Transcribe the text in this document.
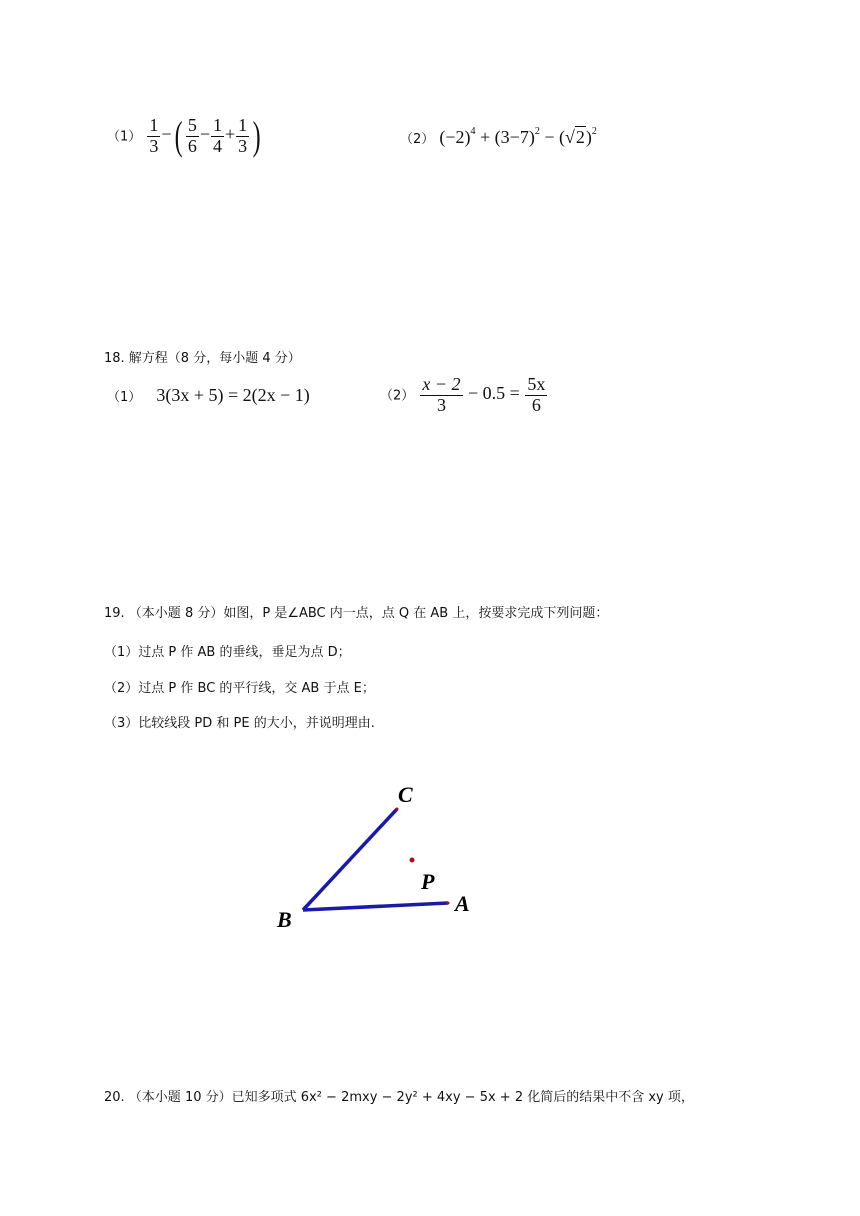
$(1) \frac{1}{3}$ −( $\frac{5}{6} - \frac{1}{4} + \frac{1}{3}$ )	（2） $(-2)^4 + (3-7)^2 - (√2)^2$
18. 解方程（8 分，每小题 4 分）
（1） 3(3x + 5) = 2(2x − 1)	$(2) \frac{x - 2}{3} - 0.5 = \frac{5x}{6}$
19. （本小题 8 分）如图，P 是∠ABC 内一点，点 Q 在 AB 上，按要求完成下列问题：
（1）过点 P 作 AB 的垂线，垂足为点 D；
（2）过点 P 作 BC 的平行线，交 AB 于点 E；
（3）比较线段 PD 和 PE 的大小，并说明理由.
C
P
A
B
20. （本小题 10 分）已知多项式 6x² − 2mxy − 2y² + 4xy − 5x + 2 化简后的结果中不含 xy 项，
